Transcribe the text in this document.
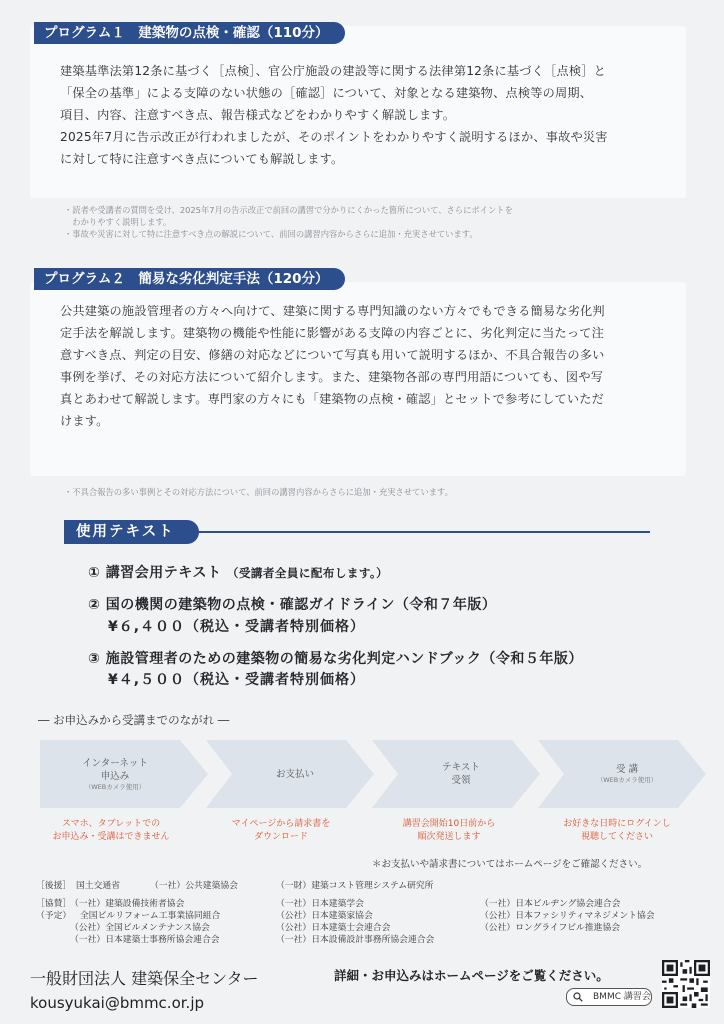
プログラム１　建築物の点検・確認（110分）
建築基準法第12条に基づく［点検］、官公庁施設の建設等に関する法律第12条に基づく［点検］と
「保全の基準」による支障のない状態の［確認］について、対象となる建築物、点検等の周期、
項目、内容、注意すべき点、報告様式などをわかりやすく解説します。
2025年7月に告示改正が行われましたが、そのポイントをわかりやすく説明するほか、事故や災害
に対して特に注意すべき点についても解説します。
・読者や受講者の質問を受け、2025年7月の告示改正で前回の講習で分かりにくかった箇所について、さらにポイントを
　わかりやすく説明します。
・事故や災害に対して特に注意すべき点の解説について、前回の講習内容からさらに追加・充実させています。
プログラム２　簡易な劣化判定手法（120分）
公共建築の施設管理者の方々へ向けて、建築に関する専門知識のない方々でもできる簡易な劣化判
定手法を解説します。建築物の機能や性能に影響がある支障の内容ごとに、劣化判定に当たって注
意すべき点、判定の目安、修繕の対応などについて写真も用いて説明するほか、不具合報告の多い
事例を挙げ、その対応方法について紹介します。また、建築物各部の専門用語についても、図や写
真とあわせて解説します。専門家の方々にも「建築物の点検・確認」とセットで参考にしていただ
けます。
・不具合報告の多い事例とその対応方法について、前回の講習内容からさらに追加・充実させています。
使用テキスト
① 講習会用テキスト （受講者全員に配布します。）
② 国の機関の建築物の点検・確認ガイドライン（令和７年版）
¥６,４００（税込・受講者特別価格）
③ 施設管理者のための建築物の簡易な劣化判定ハンドブック（令和５年版）
¥４,５００（税込・受講者特別価格）
― お申込みから受講までのながれ ―
インターネット
申込み
（WEBカメラ使用）
お支払い
テキスト
受領
受 講
（WEBカメラ使用）
スマホ、タブレットでの
お申込み・受講はできません
マイページから請求書を
ダウンロード
講習会開始10日前から
順次発送します
お好きな日時にログインし
視聴してください
＊お支払いや請求書についてはホームページをご確認ください。
［後援］ 国土交通省	（一社）公共建築協会	（一財）建築コスト管理システム研究所
［協賛］
（予定）
（一社）建築設備技術者協会
全国ビルリフォーム工事業協同組合
（公社）全国ビルメンテナンス協会
（一社）日本建築士事務所協会連合会
（一社）日本建築学会
（公社）日本建築家協会
（公社）日本建築士会連合会
（一社）日本設備設計事務所協会連合会
（一社）日本ビルヂング協会連合会
（公社）日本ファシリティマネジメント協会
（公社）ロングライフビル推進協会
一般財団法人 建築保全センター
kousyukai@bmmc.or.jp
詳細・お申込みはホームページをご覧ください。
BMMC 講習会
